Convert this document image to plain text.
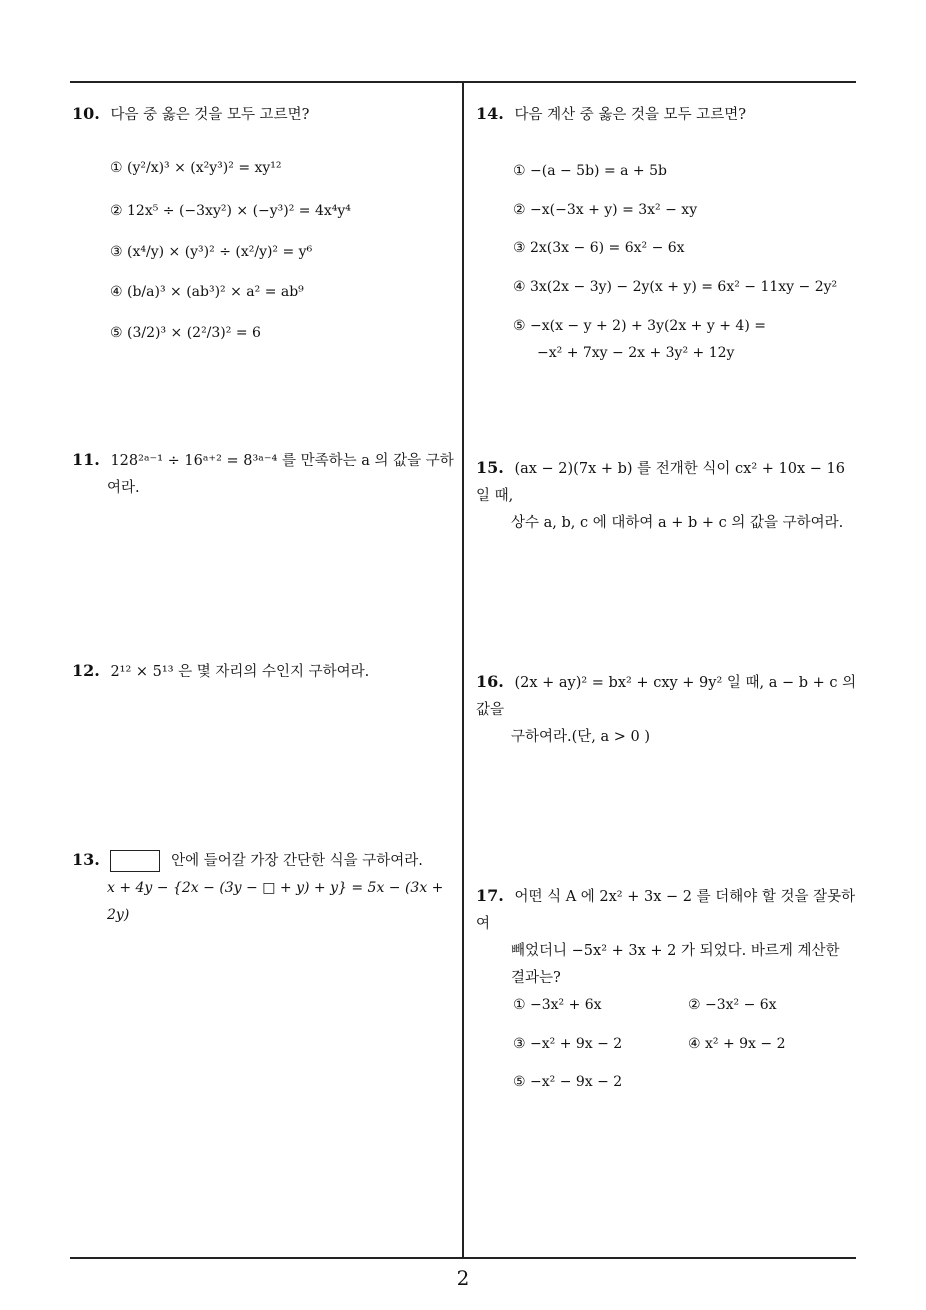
10. 다음 중 옳은 것을 모두 고르면?
① (y²/x)³ × (x²y³)² = xy¹²
② 12x⁵ ÷ (−3xy²) × (−y³)² = 4x⁴y⁴
③ (x⁴/y) × (y³)² ÷ (x²/y)² = y⁶
④ (b/a)³ × (ab³)² × a² = ab⁹
⑤ (3/2)³ × (2²/3)² = 6
11. 128²ᵃ⁻¹ ÷ 16ᵃ⁺² = 8³ᵃ⁻⁴ 를 만족하는 a 의 값을 구하
여라.
12. 2¹² × 5¹³ 은 몇 자리의 수인지 구하여라.
13.	안에 들어갈 가장 간단한 식을 구하여라.
x + 4y − {2x − (3y − □ + y) + y} = 5x − (3x + 2y)
14. 다음 계산 중 옳은 것을 모두 고르면?
① −(a − 5b) = a + 5b
② −x(−3x + y) = 3x² − xy
③ 2x(3x − 6) = 6x² − 6x
④ 3x(2x − 3y) − 2y(x + y) = 6x² − 11xy − 2y²
⑤ −x(x − y + 2) + 3y(2x + y + 4) =
−x² + 7xy − 2x + 3y² + 12y
15. (ax − 2)(7x + b) 를 전개한 식이 cx² + 10x − 16 일 때,
상수 a, b, c 에 대하여 a + b + c 의 값을 구하여라.
16. (2x + ay)² = bx² + cxy + 9y² 일 때, a − b + c 의 값을
구하여라.(단, a > 0 )
17. 어떤 식 A 에 2x² + 3x − 2 를 더해야 할 것을 잘못하여
빼었더니 −5x² + 3x + 2 가 되었다. 바르게 계산한
결과는?
① −3x² + 6x	② −3x² − 6x
③ −x² + 9x − 2	④ x² + 9x − 2
⑤ −x² − 9x − 2
2
